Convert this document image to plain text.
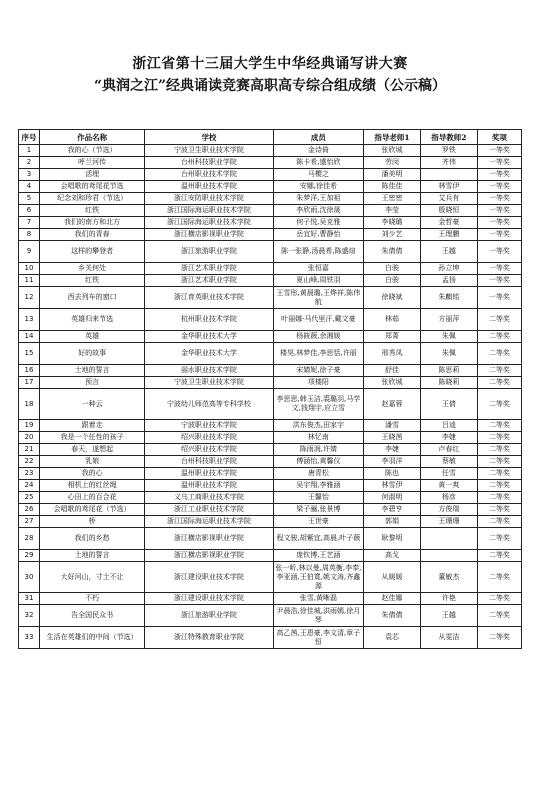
浙江省第十三届大学生中华经典诵写讲大赛
“典润之江”经典诵读竞赛高职高专综合组成绩（公示稿）
序号	作品名称	学校	成员	指导老师1	指导教师2	奖项
1	我的心（节选）	宁波卫生职业技术学院	金诗倚	张欣城	罗铁	一等奖
2	呼兰河传	台州科技职业学院	陈卡希,盛怡欣	劳闵	齐伟	一等奖
3	活埋	台州职业技术学院	马樱之	潘美明		一等奖
4	会唱歌的鸢尾花节选	温州职业技术学院	安娜,徐佳希	陈佳佳	林雪伊	一等奖
5	纪念刘和珍君（节选）	浙江安防职业技术学院	朱梦洋,王加祖	王密密	艾兵有	一等奖
6	红铁	浙江国际海运职业技术学院	李欣雨,沈徐晟	李莹	殷晓恒	一等奖
7	我们的南方和北方	浙江国际海运职业技术学院	何子悦,吴克雅	李晓璐	金哲豪	一等奖
8	我们的青春	浙江横店影视职业学院	岳宜好,曹静怡	刘少艺	王理鹏	一等奖
9	这样的攀登者	浙江旅游职业学院	陈一张静,汤晨希,陈盛煊	朱倩倩	王越	一等奖
10	乡关何处	浙江艺术职业学院	张恒嘉	白骏	孙立坤	一等奖
11	红铁	浙江艺术职业学院	夏山峰,周铁羽	白骏	孟扬	一等奖
12	西去列车的窗口	浙江育英职业技术学院	王雪彤,黄晨璐,王烨祥,陈伟航	徐晓斌	朱麒铭	一等奖
13	英雄归来节选	杭州职业技术学院	叶丽娜·马代里汗,戴文豪	林茹	方丽萍	二等奖
14	英雄	金华职业技术大学	杨筱薇,余湘媛	郑菁	朱佩	二等奖
15	好的故事	金华职业技术大学	楼昊,林梦佳,李思恬,许丽	邢秀凤	朱佩	二等奖
16	土地的誓言	丽水职业技术学院	宋婧妮,徐子豪	舒佳	陈思莉	二等奖
17	预言	宁波卫生职业技术学院	项楼阳	张欣城	陈晓莉	二等奖
18	一种云	宁波幼儿师范高等专科学校	李思思,韩玉洁,裘璐羽,马学文,钱翔宇,应立雪	赵嘉蓉	王倩	二等奖
19	跟着走	宁波职业技术学院	洪东俊杰,田家宇	潘雪	吕逵	二等奖
20	我是一个任性的孩子	绍兴职业技术学院	林忆南	王晓茜	李婕	二等奖
21	春天，遂想起	绍兴职业技术学院	陈雨润,许婧	李婕	卢春红	二等奖
22	乳娘	台州科技职业学院	傅涵怡,黄馨仪	李羽洋	蔡敏	二等奖
23	我的心	温州职业技术学院	唐青松	陈也	任雪	二等奖
24	相机上的红丝绳	温州职业技术学院	吴宇翔,李雅涵	林雪伊	黄一爽	二等奖
25	心田上的百合花	义乌工商职业技术学院	王馨怡	何淑明	杨彦	二等奖
26	会唱歌的鸢尾花（节选）	浙江工业职业技术学院	梁子骊,张景博	李碧亨	方俊瑞	二等奖
27	桥	浙江国际海运职业技术学院	王世豪	郭娟	王珊珊	二等奖
28	我们的乡愁	浙江横店影视职业学院	程文骏,胡紫宜,高晨,叶子薇	耿黎明		二等奖
29	土地的誓言	浙江横店影视职业学院	庞钦博,王艺涵	高戈		二等奖
30	大好河山，寸土不让	浙江建设职业技术学院	张一昕,林以曼,周英衡,李奉,李亚涵,王伯寬,姚文涛,齐鑫源	从媛媛	董敏杰	二等奖
31	不朽	浙江建设职业技术学院	张雪,黄晰磊	赵佳娜	许艳	二等奖
32	告全国民众书	浙江旅游职业学院	尹晨浩,徐佳城,洪雨嫣,徐月琴	朱倩倩	王越	二等奖
33	生活在英雄们的中间（节选）	浙江特殊教育职业学院	高乙茜,王恩豪,李文清,章子恒	袁芯	从雯洁	二等奖
